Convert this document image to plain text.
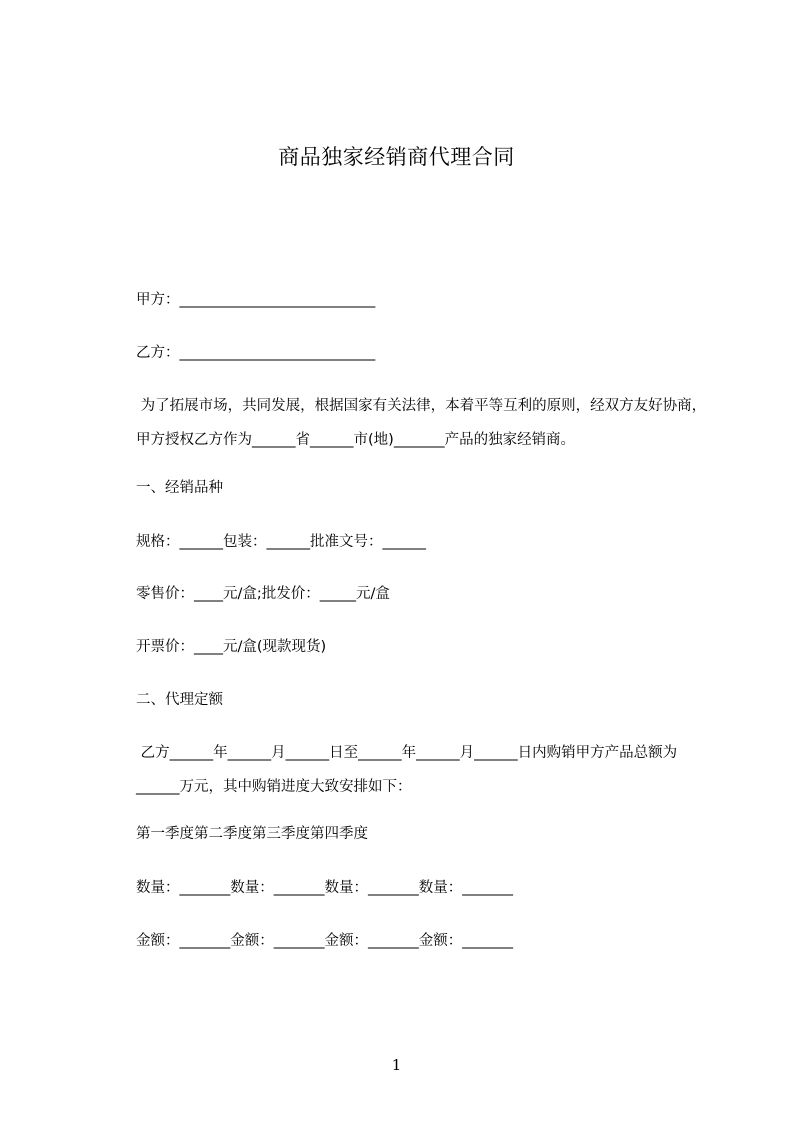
商品独家经销商代理合同
甲方：___________________________
乙方：___________________________
为了拓展市场，共同发展，根据国家有关法律，本着平等互利的原则，经双方友好协商，甲方授权乙方作为______省______市(地)_______产品的独家经销商。
一、经销品种
规格：______包装：______批准文号：______
零售价：____元/盒;批发价：_____元/盒
开票价：____元/盒(现款现货)
二、代理定额
乙方______年______月______日至______年______月______日内购销甲方产品总额为______万元，其中购销进度大致安排如下：
第一季度第二季度第三季度第四季度
数量：_______数量：_______数量：_______数量：_______
金额：_______金额：_______金额：_______金额：_______
1
